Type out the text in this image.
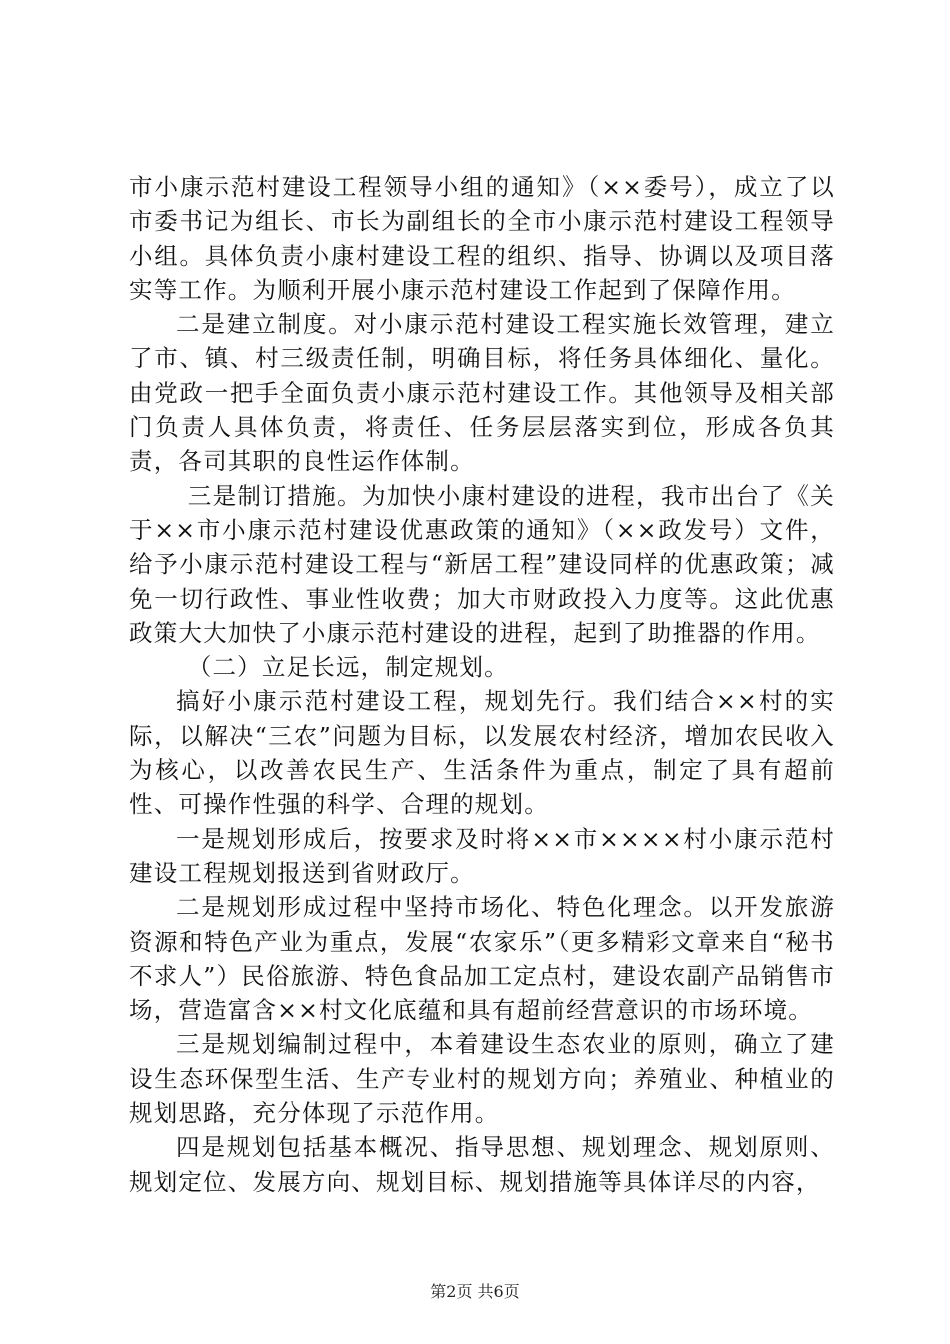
市小康示范村建设工程领导小组的通知》（××委号），成立了以市委书记为组长、市长为副组长的全市小康示范村建设工程领导小组。具体负责小康村建设工程的组织、指导、协调以及项目落实等工作。为顺利开展小康示范村建设工作起到了保障作用。

二是建立制度。对小康示范村建设工程实施长效管理，建立了市、镇、村三级责任制，明确目标，将任务具体细化、量化。由党政一把手全面负责小康示范村建设工作。其他领导及相关部门负责人具体负责，将责任、任务层层落实到位，形成各负其责，各司其职的良性运作体制。

三是制订措施。为加快小康村建设的进程，我市出台了《关于××市小康示范村建设优惠政策的通知》（××政发号）文件，给予小康示范村建设工程与“新居工程”建设同样的优惠政策；减免一切行政性、事业性收费；加大市财政投入力度等。这此优惠政策大大加快了小康示范村建设的进程，起到了助推器的作用。

（二）立足长远，制定规划。

搞好小康示范村建设工程，规划先行。我们结合××村的实际，以解决“三农”问题为目标，以发展农村经济，增加农民收入为核心，以改善农民生产、生活条件为重点，制定了具有超前性、可操作性强的科学、合理的规划。

一是规划形成后，按要求及时将××市××××村小康示范村建设工程规划报送到省财政厅。

二是规划形成过程中坚持市场化、特色化理念。以开发旅游资源和特色产业为重点，发展“农家乐”（更多精彩文章来自“秘书不求人”）民俗旅游、特色食品加工定点村，建设农副产品销售市场，营造富含××村文化底蕴和具有超前经营意识的市场环境。

三是规划编制过程中，本着建设生态农业的原则，确立了建设生态环保型生活、生产专业村的规划方向；养殖业、种植业的规划思路，充分体现了示范作用。

四是规划包括基本概况、指导思想、规划理念、规划原则、规划定位、发展方向、规划目标、规划措施等具体详尽的内容，

第2页 共6页
